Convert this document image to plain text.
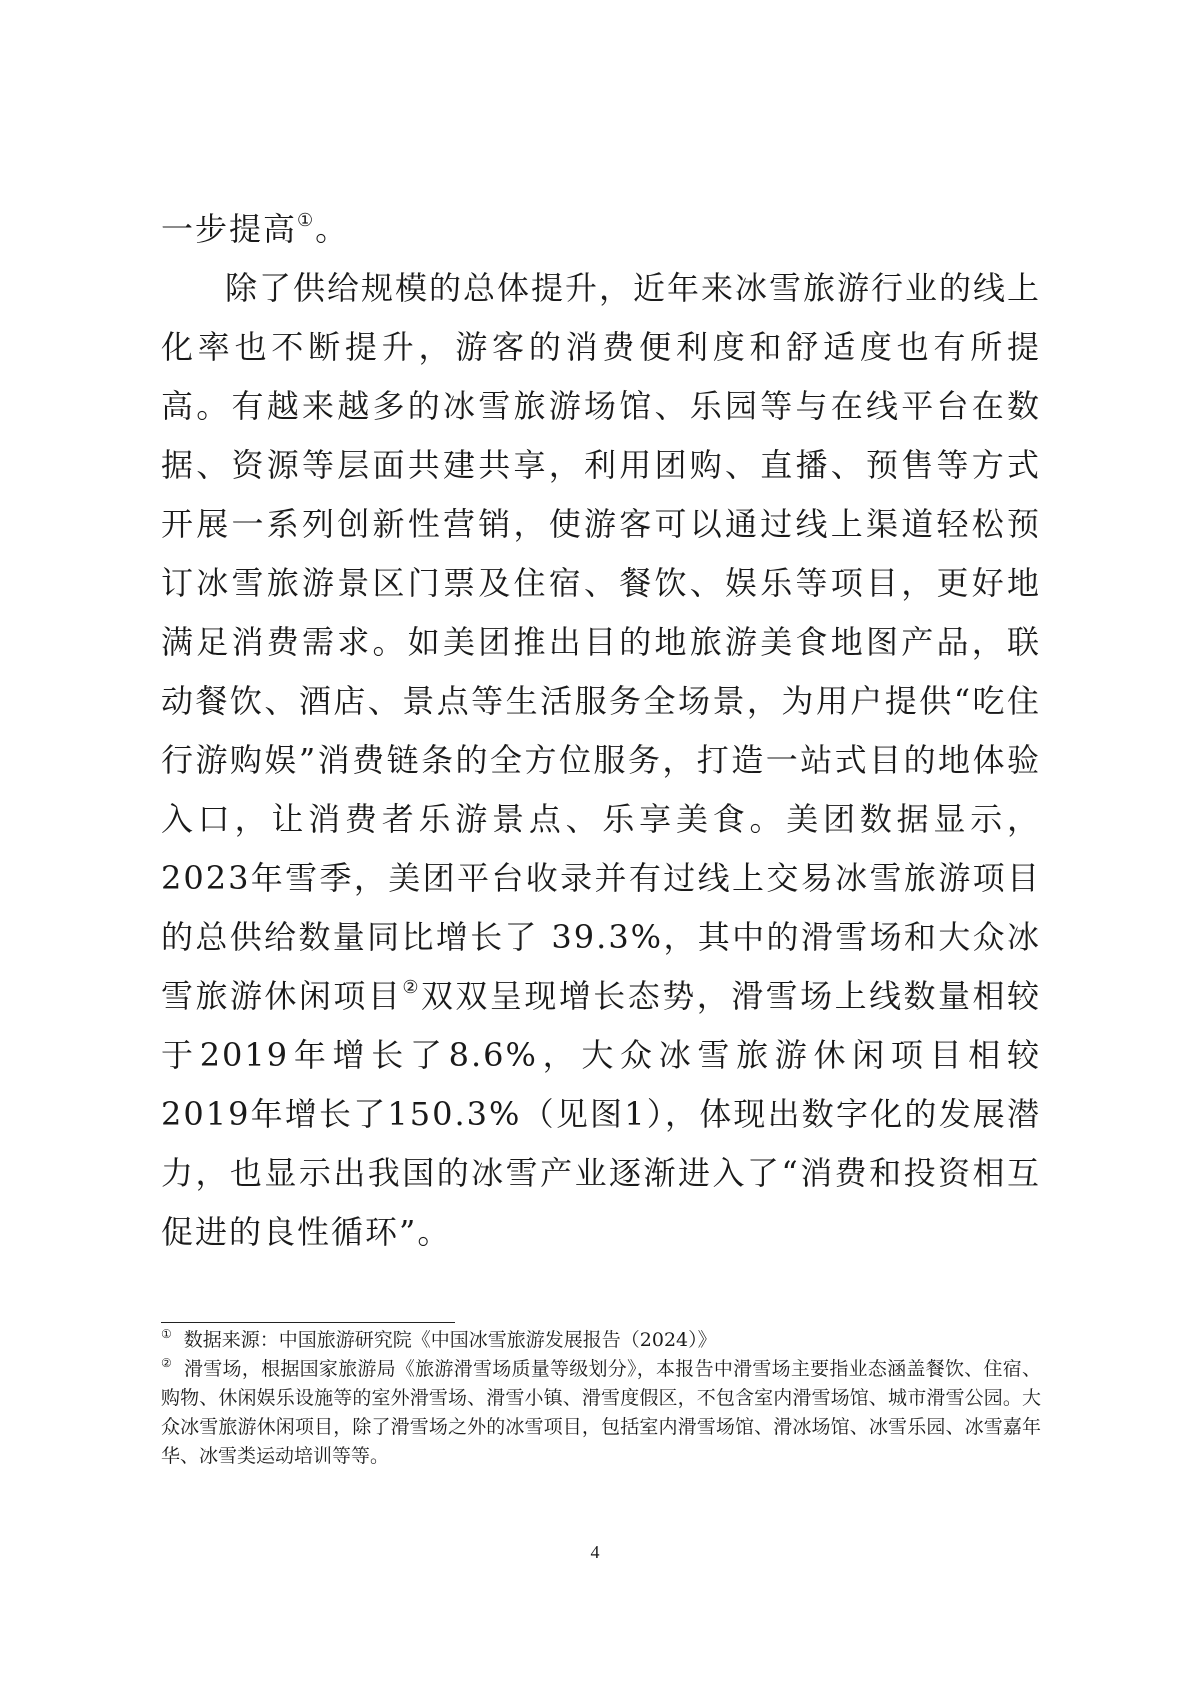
一步提高①。

除了供给规模的总体提升，近年来冰雪旅游行业的线上化率也不断提升，游客的消费便利度和舒适度也有所提高。有越来越多的冰雪旅游场馆、乐园等与在线平台在数据、资源等层面共建共享，利用团购、直播、预售等方式开展一系列创新性营销，使游客可以通过线上渠道轻松预订冰雪旅游景区门票及住宿、餐饮、娱乐等项目，更好地满足消费需求。如美团推出目的地旅游美食地图产品，联动餐饮、酒店、景点等生活服务全场景，为用户提供“吃住行游购娱”消费链条的全方位服务，打造一站式目的地体验入口，让消费者乐游景点、乐享美食。美团数据显示，2023年雪季，美团平台收录并有过线上交易冰雪旅游项目的总供给数量同比增长了 39.3%，其中的滑雪场和大众冰雪旅游休闲项目②双双呈现增长态势，滑雪场上线数量相较于2019年增长了8.6%，大众冰雪旅游休闲项目相较2019年增长了150.3%（见图1），体现出数字化的发展潜力，也显示出我国的冰雪产业逐渐进入了“消费和投资相互促进的良性循环”。

① 数据来源：中国旅游研究院《中国冰雪旅游发展报告（2024）》

② 滑雪场，根据国家旅游局《旅游滑雪场质量等级划分》，本报告中滑雪场主要指业态涵盖餐饮、住宿、购物、休闲娱乐设施等的室外滑雪场、滑雪小镇、滑雪度假区，不包含室内滑雪场馆、城市滑雪公园。大众冰雪旅游休闲项目，除了滑雪场之外的冰雪项目，包括室内滑雪场馆、滑冰场馆、冰雪乐园、冰雪嘉年华、冰雪类运动培训等等。

4
